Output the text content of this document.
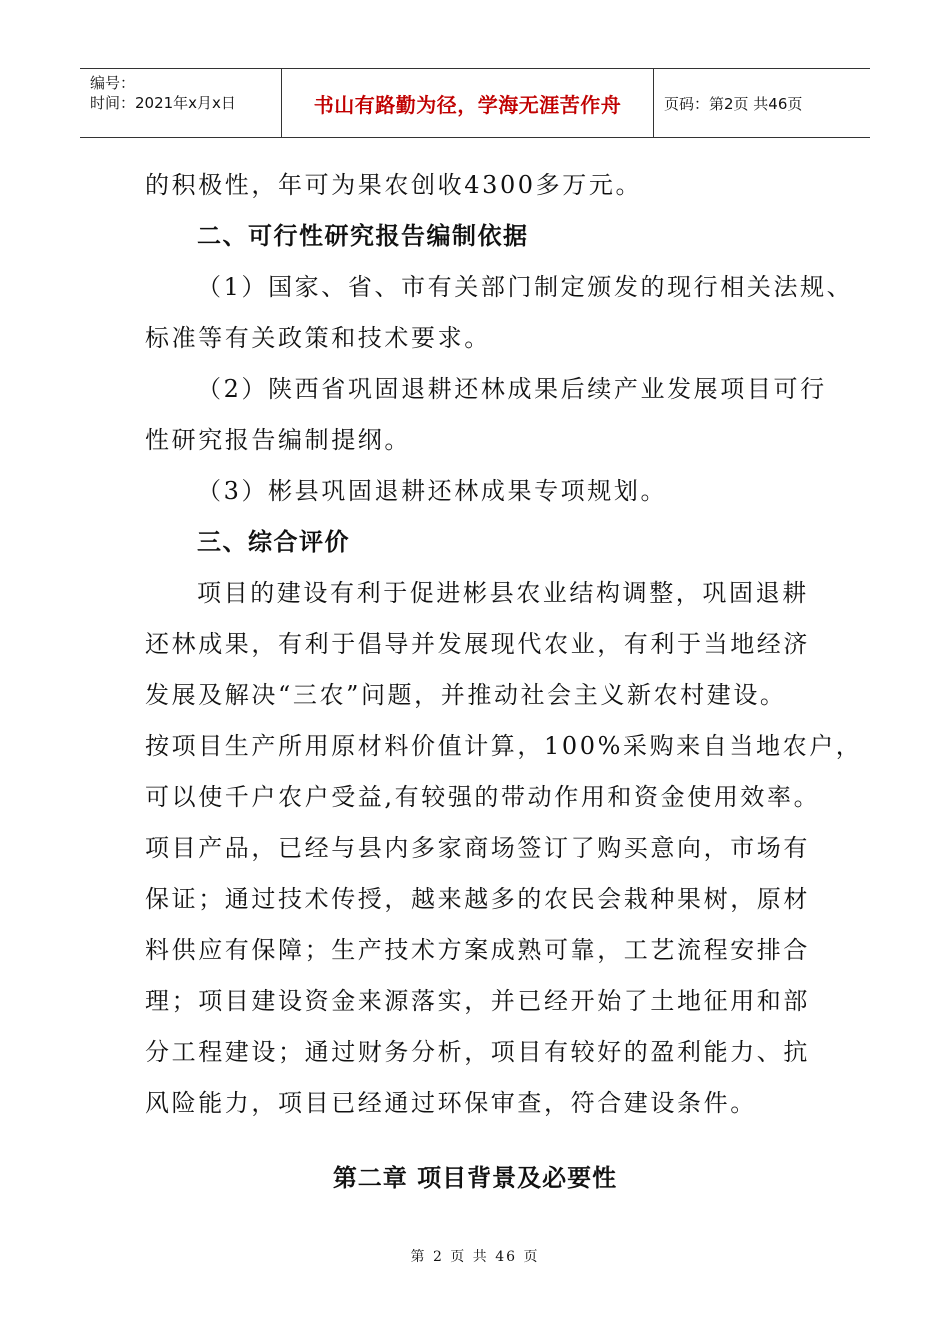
编号：
时间：2021年x月x日	书山有路勤为径，学海无涯苦作舟	页码：第2页 共46页
的积极性，年可为果农创收4300多万元。
二、可行性研究报告编制依据
（1）国家、省、市有关部门制定颁发的现行相关法规、
标准等有关政策和技术要求。
（2）陕西省巩固退耕还林成果后续产业发展项目可行
性研究报告编制提纲。
（3）彬县巩固退耕还林成果专项规划。
三、综合评价
项目的建设有利于促进彬县农业结构调整，巩固退耕
还林成果，有利于倡导并发展现代农业，有利于当地经济
发展及解决“三农”问题，并推动社会主义新农村建设。
按项目生产所用原材料价值计算，100%采购来自当地农户，
可以使千户农户受益,有较强的带动作用和资金使用效率。
项目产品，已经与县内多家商场签订了购买意向，市场有
保证；通过技术传授，越来越多的农民会栽种果树，原材
料供应有保障；生产技术方案成熟可靠，工艺流程安排合
理；项目建设资金来源落实，并已经开始了土地征用和部
分工程建设；通过财务分析，项目有较好的盈利能力、抗
风险能力，项目已经通过环保审查，符合建设条件。
第二章 项目背景及必要性
第 2 页 共 46 页
